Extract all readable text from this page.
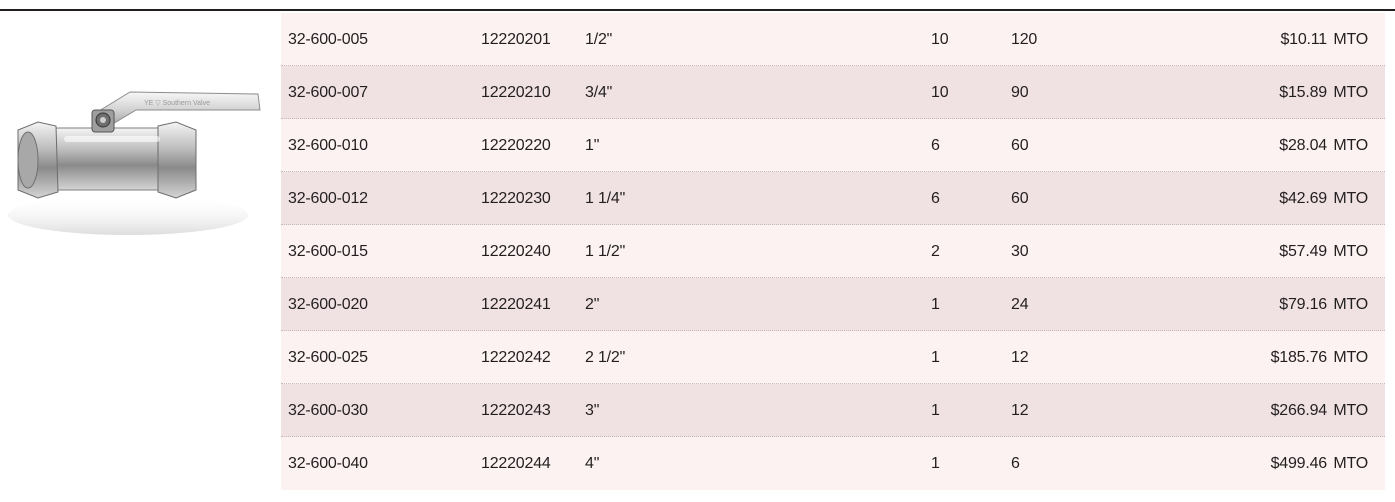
YE ▽ Southern Valve
32-600-005	12220201 1/2"	10	120	$10.11 MTO
32-600-007	12220210 3/4"	10	90	$15.89 MTO
32-600-010	12220220 1"	6	60	$28.04 MTO
32-600-012	12220230 1 1/4"	6	60	$42.69 MTO
32-600-015	12220240 1 1/2"	2	30	$57.49 MTO
32-600-020	12220241 2"	1	24	$79.16 MTO
32-600-025	12220242 2 1/2"	1	12	$185.76 MTO
32-600-030	12220243 3"	1	12	$266.94 MTO
32-600-040	12220244 4"	1	6	$499.46 MTO
